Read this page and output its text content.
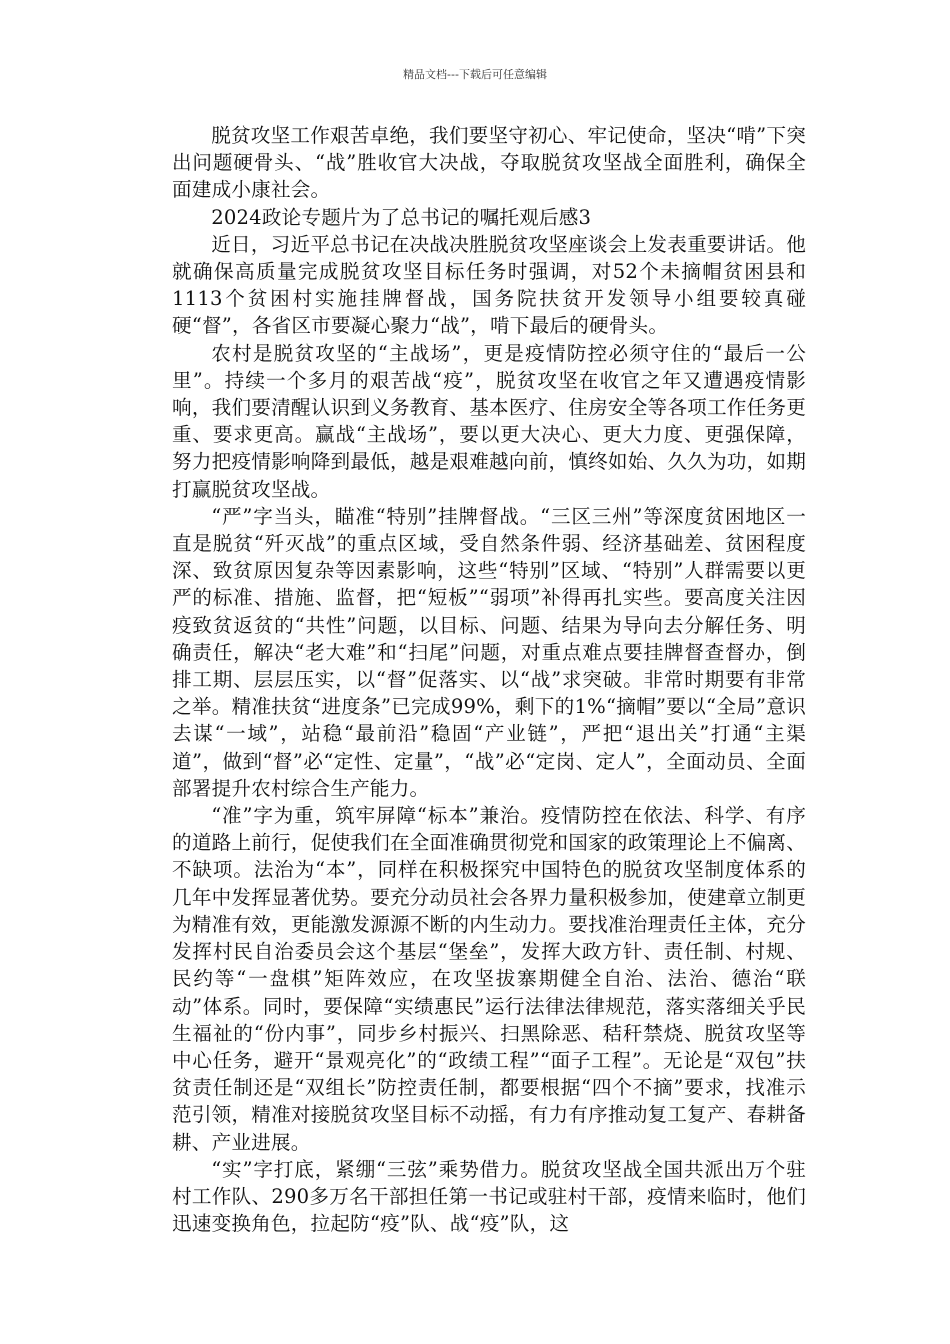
精品文档---下载后可任意编辑

脱贫攻坚工作艰苦卓绝，我们要坚守初心、牢记使命，坚决“啃”下突出问题硬骨头、“战”胜收官大决战，夺取脱贫攻坚战全面胜利，确保全面建成小康社会。

2024政论专题片为了总书记的嘱托观后感3

近日，习近平总书记在决战决胜脱贫攻坚座谈会上发表重要讲话。他就确保高质量完成脱贫攻坚目标任务时强调，对52个未摘帽贫困县和1113个贫困村实施挂牌督战，国务院扶贫开发领导小组要较真碰硬“督”，各省区市要凝心聚力“战”，啃下最后的硬骨头。

农村是脱贫攻坚的“主战场”，更是疫情防控必须守住的“最后一公里”。持续一个多月的艰苦战“疫”，脱贫攻坚在收官之年又遭遇疫情影响，我们要清醒认识到义务教育、基本医疗、住房安全等各项工作任务更重、要求更高。赢战“主战场”，要以更大决心、更大力度、更强保障，努力把疫情影响降到最低，越是艰难越向前，慎终如始、久久为功，如期打赢脱贫攻坚战。

“严”字当头，瞄准“特别”挂牌督战。“三区三州”等深度贫困地区一直是脱贫“歼灭战”的重点区域，受自然条件弱、经济基础差、贫困程度深、致贫原因复杂等因素影响，这些“特别”区域、“特别”人群需要以更严的标准、措施、监督，把“短板”“弱项”补得再扎实些。要高度关注因疫致贫返贫的“共性”问题，以目标、问题、结果为导向去分解任务、明确责任，解决“老大难”和“扫尾”问题，对重点难点要挂牌督查督办，倒排工期、层层压实，以“督”促落实、以“战”求突破。非常时期要有非常之举。精准扶贫“进度条”已完成99%，剩下的1%“摘帽”要以“全局”意识去谋“一域”，站稳“最前沿”稳固“产业链”，严把“退出关”打通“主渠道”，做到“督”必“定性、定量”，“战”必“定岗、定人”，全面动员、全面部署提升农村综合生产能力。

“准”字为重，筑牢屏障“标本”兼治。疫情防控在依法、科学、有序的道路上前行，促使我们在全面准确贯彻党和国家的政策理论上不偏离、不缺项。法治为“本”，同样在积极探究中国特色的脱贫攻坚制度体系的几年中发挥显著优势。要充分动员社会各界力量积极参加，使建章立制更为精准有效，更能激发源源不断的内生动力。要找准治理责任主体，充分发挥村民自治委员会这个基层“堡垒”，发挥大政方针、责任制、村规、民约等“一盘棋”矩阵效应，在攻坚拔寨期健全自治、法治、德治“联动”体系。同时，要保障“实绩惠民”运行法律法律规范，落实落细关乎民生福祉的“份内事”，同步乡村振兴、扫黑除恶、秸秆禁烧、脱贫攻坚等中心任务，避开“景观亮化”的“政绩工程”“面子工程”。无论是“双包”扶贫责任制还是“双组长”防控责任制，都要根据“四个不摘”要求，找准示范引领，精准对接脱贫攻坚目标不动摇，有力有序推动复工复产、春耕备耕、产业进展。

“实”字打底，紧绷“三弦”乘势借力。脱贫攻坚战全国共派出万个驻村工作队、290多万名干部担任第一书记或驻村干部，疫情来临时，他们迅速变换角色，拉起防“疫”队、战“疫”队，这
